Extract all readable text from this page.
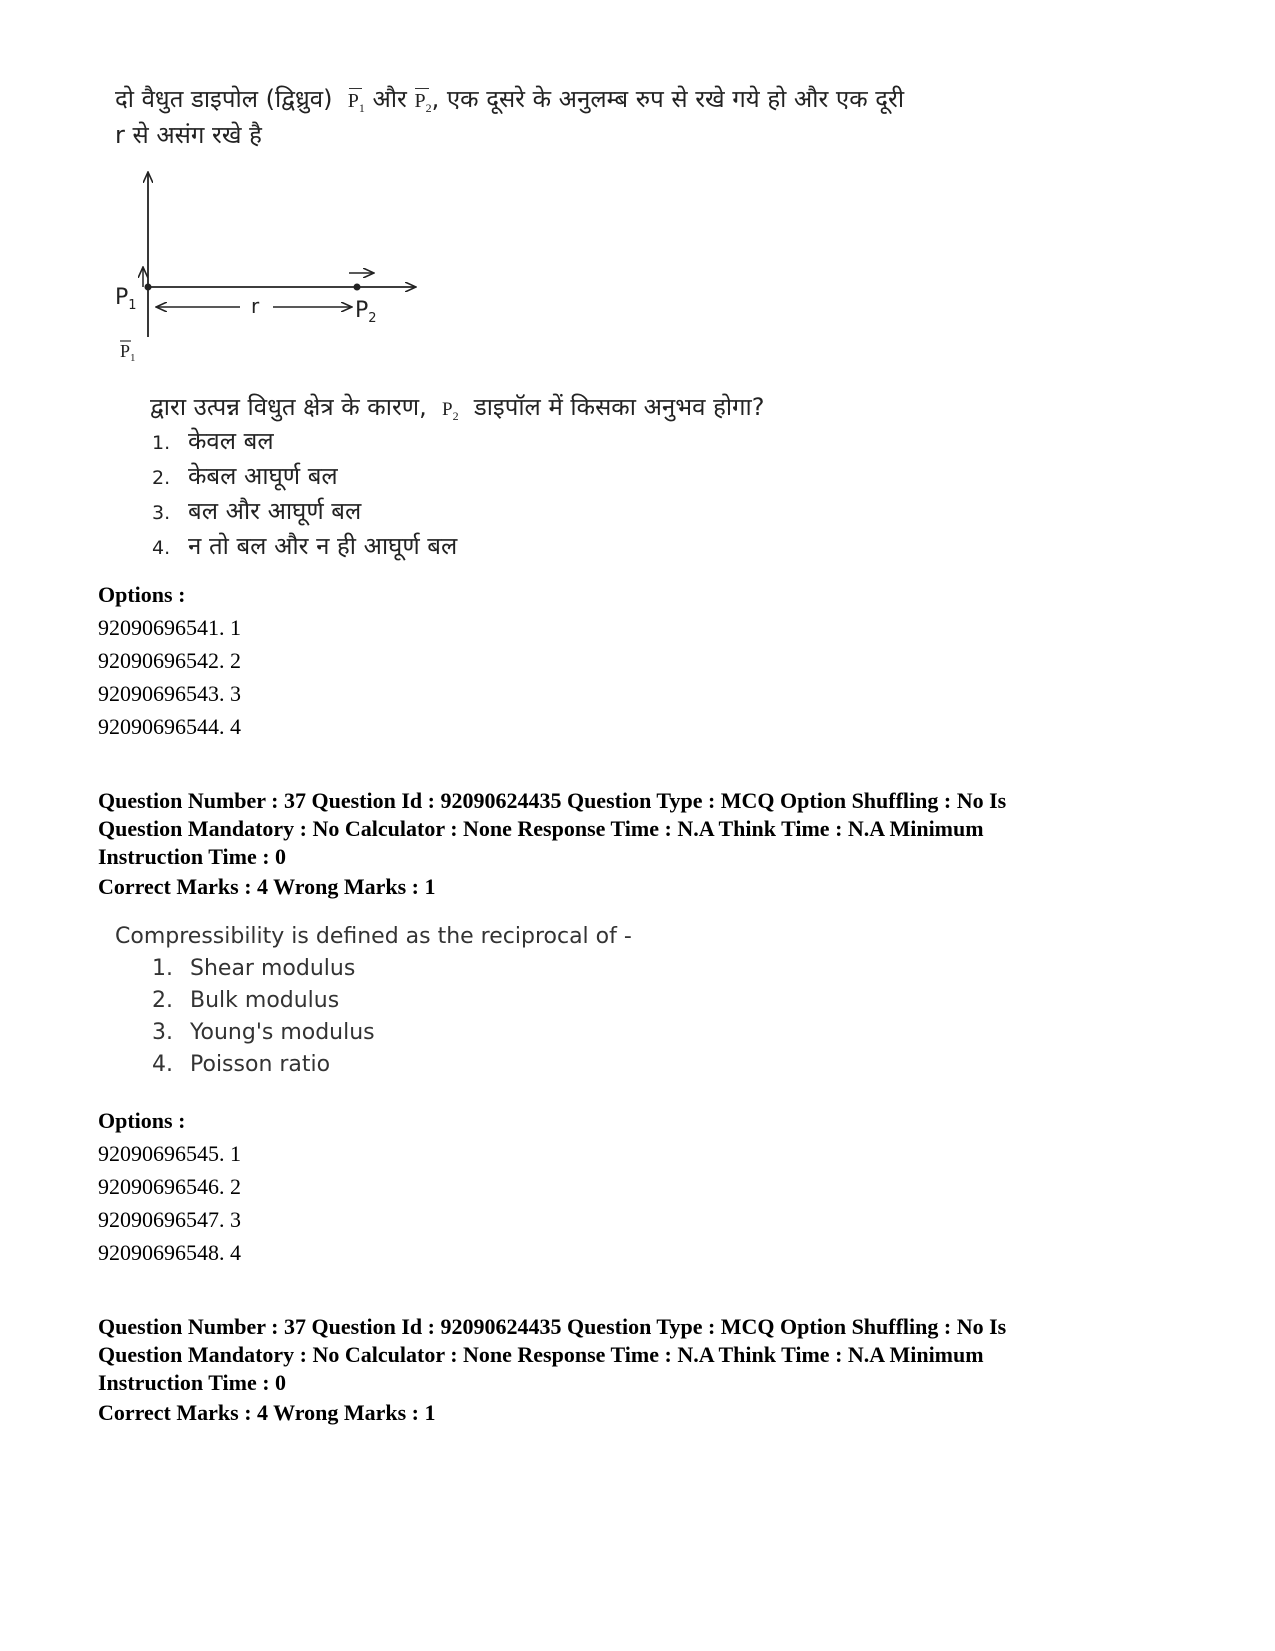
दो वैधुत डाइपोल (द्विध्रुव) $P_1$ और $P_2$, एक दूसरे के अनुलम्ब रुप से रखे गये हो और एक दूरी
r से असंग रखे है
$P_1$	r	$P_2$
$P_1$
द्वारा उत्पन्न विधुत क्षेत्र के कारण, $P_2$ डाइपॉल में किसका अनुभव होगा?
1. केवल बल
2. केबल आघूर्ण बल
3. बल और आघूर्ण बल
4. न तो बल और न ही आघूर्ण बल
Options :
92090696541. 1
92090696542. 2
92090696543. 3
92090696544. 4

Question Number : 37 Question Id : 92090624435 Question Type : MCQ Option Shuffling : No Is

Question Mandatory : No Calculator : None Response Time : N.A Think Time : N.A Minimum

Instruction Time : 0

Correct Marks : 4 Wrong Marks : 1
Compressibility is defined as the reciprocal of -
1. Shear modulus
2. Bulk modulus
3. Young's modulus
4. Poisson ratio
Options :
92090696545. 1
92090696546. 2
92090696547. 3
92090696548. 4

Question Number : 37 Question Id : 92090624435 Question Type : MCQ Option Shuffling : No Is

Question Mandatory : No Calculator : None Response Time : N.A Think Time : N.A Minimum

Instruction Time : 0

Correct Marks : 4 Wrong Marks : 1
